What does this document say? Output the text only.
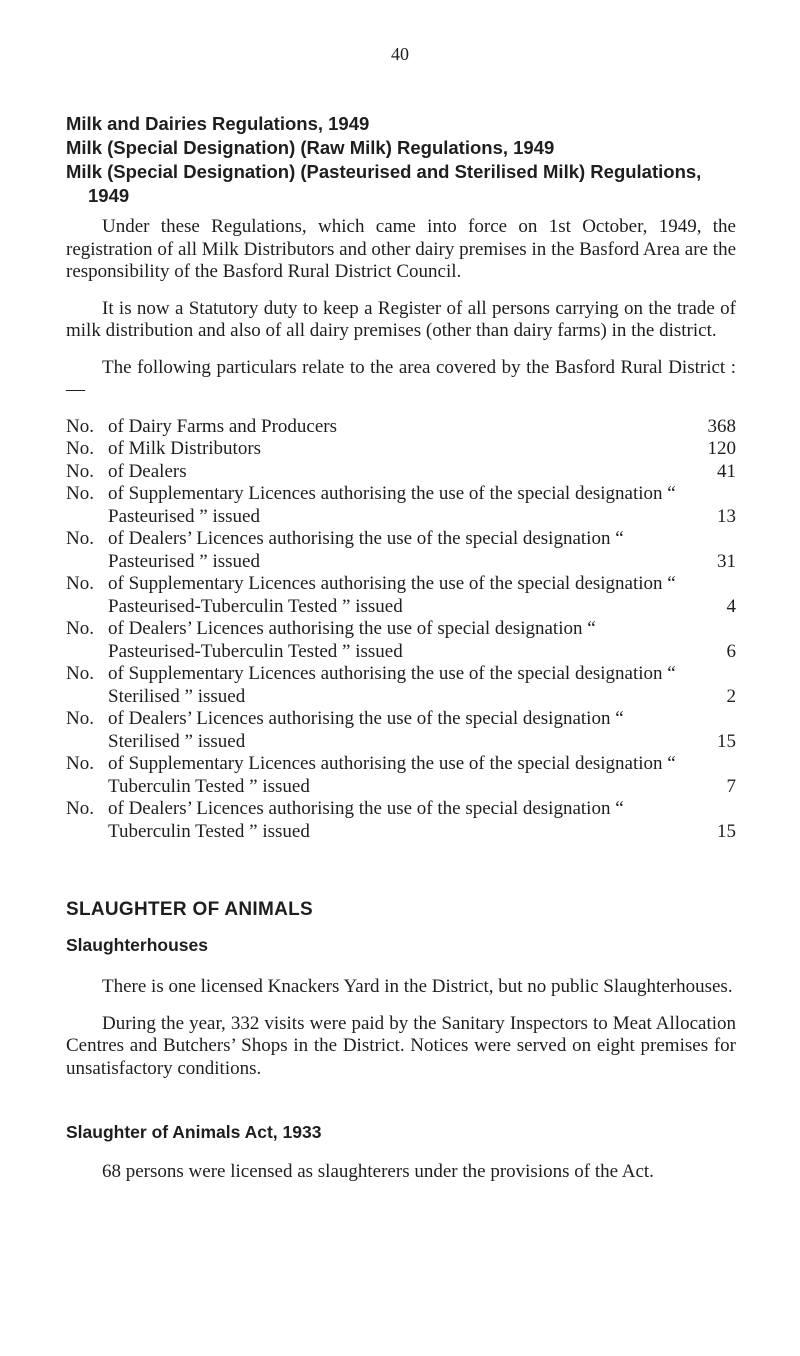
40

Milk and Dairies Regulations, 1949

Milk (Special Designation) (Raw Milk) Regulations, 1949

Milk (Special Designation) (Pasteurised and Sterilised Milk) Regulations, 1949

Under these Regulations, which came into force on 1st October, 1949, the registration of all Milk Distributors and other dairy premises in the Basford Area are the responsibility of the Basford Rural District Council.

It is now a Statutory duty to keep a Register of all persons carrying on the trade of milk distribution and also of all dairy premises (other than dairy farms) in the district.

The following particulars relate to the area covered by the Basford Rural District :—

No. of Dairy Farms and Producers	368
No. of Milk Distributors	120
No. of Dealers	41
No. of Supplementary Licences authorising the use of the special designation “ Pasteurised ” issued	13
No. of Dealers’ Licences authorising the use of the special designation “ Pasteurised ” issued	31
No. of Supplementary Licences authorising the use of the special designation “ Pasteurised-Tuberculin Tested ” issued	4
No. of Dealers’ Licences authorising the use of special designation “ Pasteurised-Tuberculin Tested ” issued	6
No. of Supplementary Licences authorising the use of the special designation “ Sterilised ” issued	2
No. of Dealers’ Licences authorising the use of the special designation “ Sterilised ” issued	15
No. of Supplementary Licences authorising the use of the special designation “ Tuberculin Tested ” issued	7
No. of Dealers’ Licences authorising the use of the special designation “ Tuberculin Tested ” issued	15
SLAUGHTER OF ANIMALS
Slaughterhouses

There is one licensed Knackers Yard in the District, but no public Slaughterhouses.

During the year, 332 visits were paid by the Sanitary Inspectors to Meat Allocation Centres and Butchers’ Shops in the District. Notices were served on eight premises for unsatisfactory conditions.

Slaughter of Animals Act, 1933

68 persons were licensed as slaughterers under the provisions of the Act.
